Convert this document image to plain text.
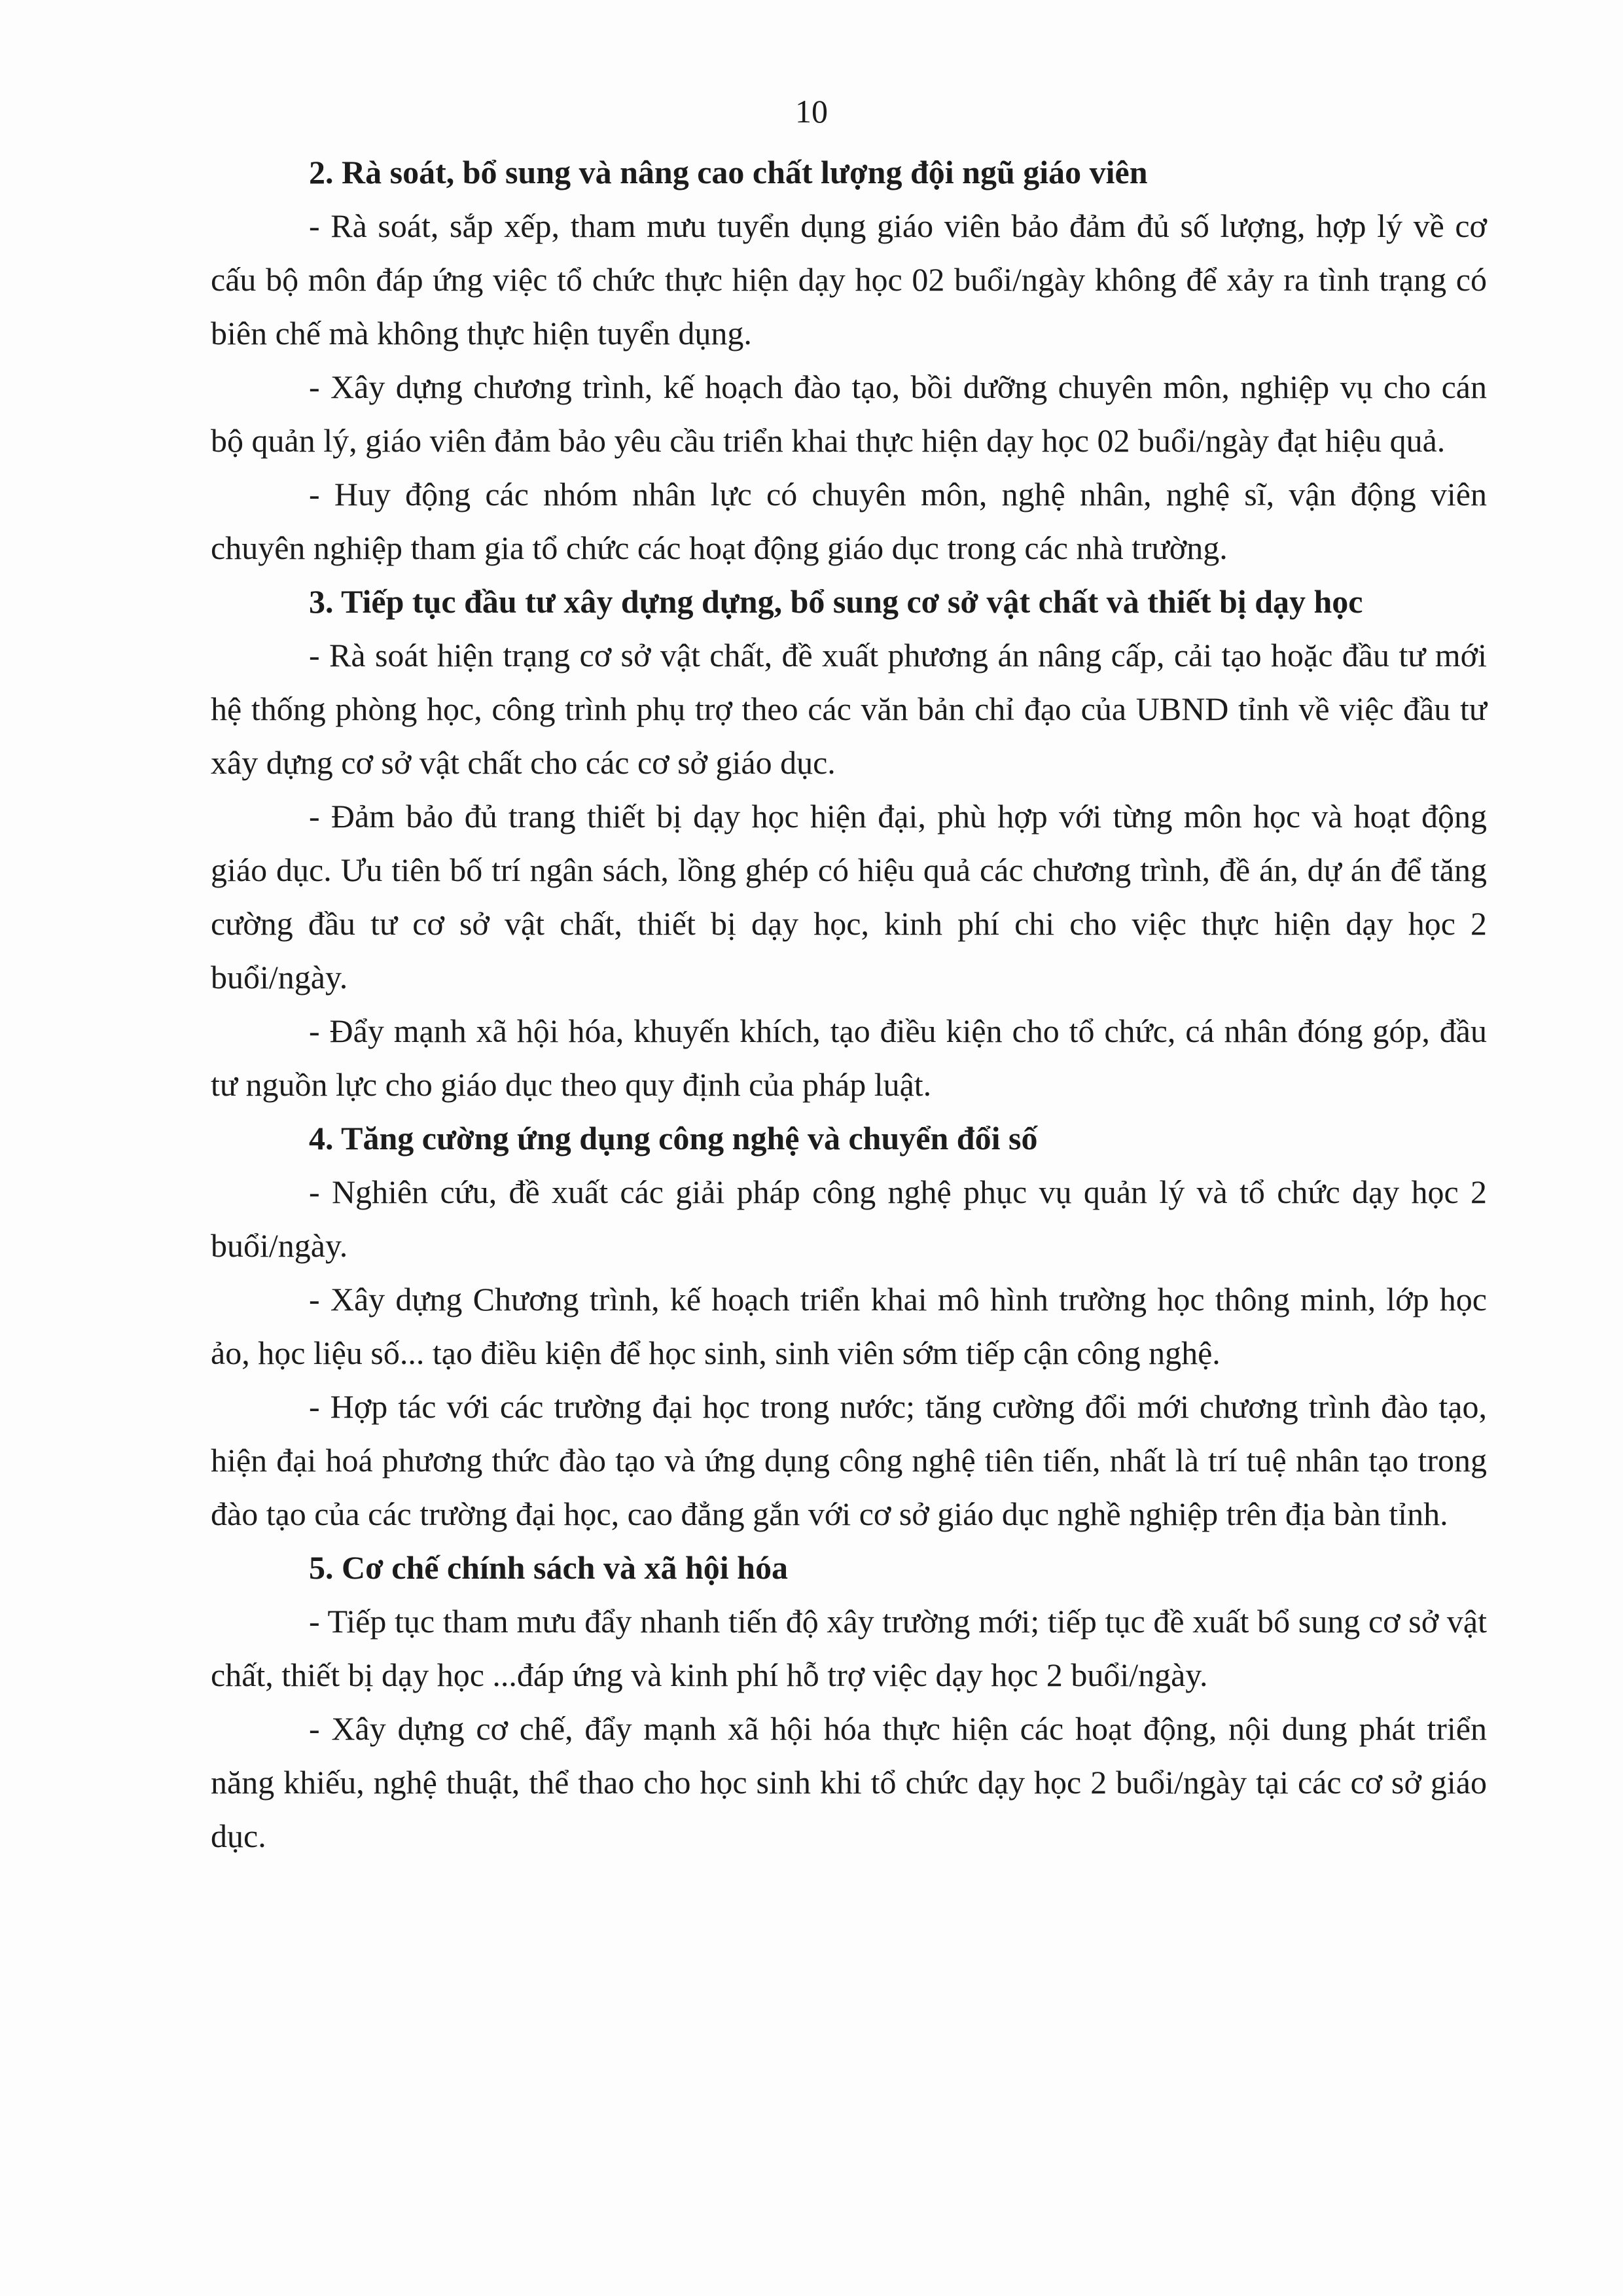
10

2. Rà soát, bổ sung và nâng cao chất lượng đội ngũ giáo viên

- Rà soát, sắp xếp, tham mưu tuyển dụng giáo viên bảo đảm đủ số lượng, hợp lý về cơ cấu bộ môn đáp ứng việc tổ chức thực hiện dạy học 02 buổi/ngày không để xảy ra tình trạng có biên chế mà không thực hiện tuyển dụng.

- Xây dựng chương trình, kế hoạch đào tạo, bồi dưỡng chuyên môn, nghiệp vụ cho cán bộ quản lý, giáo viên đảm bảo yêu cầu triển khai thực hiện dạy học 02 buổi/ngày đạt hiệu quả.

- Huy động các nhóm nhân lực có chuyên môn, nghệ nhân, nghệ sĩ, vận động viên chuyên nghiệp tham gia tổ chức các hoạt động giáo dục trong các nhà trường.

3. Tiếp tục đầu tư xây dựng dựng, bổ sung cơ sở vật chất và thiết bị dạy học

- Rà soát hiện trạng cơ sở vật chất, đề xuất phương án nâng cấp, cải tạo hoặc đầu tư mới hệ thống phòng học, công trình phụ trợ theo các văn bản chỉ đạo của UBND tỉnh về việc đầu tư xây dựng cơ sở vật chất cho các cơ sở giáo dục.

- Đảm bảo đủ trang thiết bị dạy học hiện đại, phù hợp với từng môn học và hoạt động giáo dục. Ưu tiên bố trí ngân sách, lồng ghép có hiệu quả các chương trình, đề án, dự án để tăng cường đầu tư cơ sở vật chất, thiết bị dạy học, kinh phí chi cho việc thực hiện dạy học 2 buổi/ngày.

- Đẩy mạnh xã hội hóa, khuyến khích, tạo điều kiện cho tổ chức, cá nhân đóng góp, đầu tư nguồn lực cho giáo dục theo quy định của pháp luật.

4. Tăng cường ứng dụng công nghệ và chuyển đổi số

- Nghiên cứu, đề xuất các giải pháp công nghệ phục vụ quản lý và tổ chức dạy học 2 buổi/ngày.

- Xây dựng Chương trình, kế hoạch triển khai mô hình trường học thông minh, lớp học ảo, học liệu số... tạo điều kiện để học sinh, sinh viên sớm tiếp cận công nghệ.

- Hợp tác với các trường đại học trong nước; tăng cường đổi mới chương trình đào tạo, hiện đại hoá phương thức đào tạo và ứng dụng công nghệ tiên tiến, nhất là trí tuệ nhân tạo trong đào tạo của các trường đại học, cao đẳng gắn với cơ sở giáo dục nghề nghiệp trên địa bàn tỉnh.

5. Cơ chế chính sách và xã hội hóa

- Tiếp tục tham mưu đẩy nhanh tiến độ xây trường mới; tiếp tục đề xuất bổ sung cơ sở vật chất, thiết bị dạy học ...đáp ứng và kinh phí hỗ trợ việc dạy học 2 buổi/ngày.

- Xây dựng cơ chế, đẩy mạnh xã hội hóa thực hiện các hoạt động, nội dung phát triển năng khiếu, nghệ thuật, thể thao cho học sinh khi tổ chức dạy học 2 buổi/ngày tại các cơ sở giáo dục.
